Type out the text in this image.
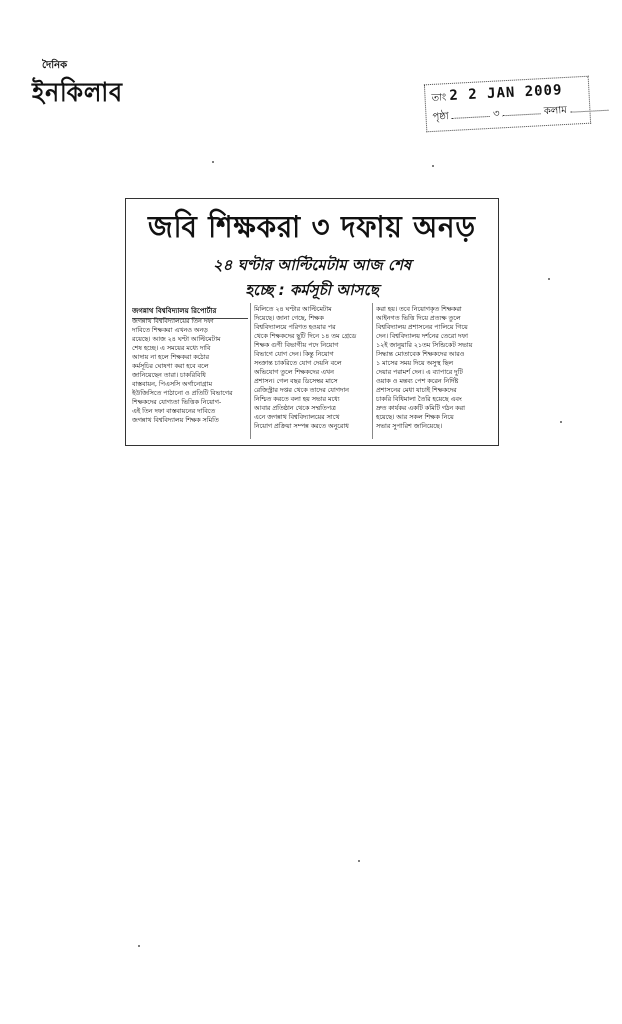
দৈনিক
ইনকিলাব	তাং 2 2 JAN 2009
পৃষ্ঠা	৩	কলাম
জবি শিক্ষকরা ৩ দফায় অনড়
২৪ ঘণ্টার আল্টিমেটাম আজ শেষ
হচ্ছে : কর্মসূচী আসছে
জগন্নাথ বিশ্ববিদ্যালয় রিপোর্টার
জগন্নাথ বিশ্ববিদ্যালয়ের তিন দফা
দাবিতে শিক্ষকরা এখনও অনড়
রয়েছে। আজ ২৪ ঘণ্টা আল্টিমেটাম
শেষ হচ্ছে। এ সময়ের মধ্যে দাবি
আদায় না হলে শিক্ষকরা কঠোর
কর্মসূচির ঘোষণা করা হবে বলে
জানিয়েছেন তারা। চাকরিবিধি
বাস্তবায়ন, পিএসসি অর্গানোগ্রাম
ইউজিসিতে পাঠানো ও প্রতিটি বিভাগের
শিক্ষকদের যোগ্যতা ভিত্তিক নিয়োগ-
এই তিন দফা বাস্তবায়নের দাবিতে
জগন্নাথ বিশ্ববিদ্যালয় শিক্ষক সমিতি
মিলিতে ২৪ ঘণ্টার আল্টিমেটাম
দিয়েছে। জানা গেছে, শিক্ষক
বিশ্ববিদ্যালয়ে পরিণত হওয়ার পর
থেকে শিক্ষকদের ছুটি দিনে ১৪ তম গ্রেডে
শিক্ষক গুণী বিভাগীয় পদে নিয়োগ
বিভাগে যোগ দেন। কিন্তু নিয়োগ
সংক্রান্ত চাকরিতে যোগ দেয়নি বলে
অভিযোগ তুলে শিক্ষকদের এখন
প্রশাসন। গেল বছর ডিসেম্বর মাসে
রেজিস্ট্রার দপ্তর থেকে তাদের যোগদান
নিশ্চিত করতে বলা হয় সভার মধ্যে
আবার প্রতিষ্ঠান থেকে সম্মতিপত্র
এনে জগন্নাথ বিশ্ববিদ্যালয়ের সাথে
নিয়োগ প্রক্রিয়া সম্পন্ন করতে অনুরোধ
করা হয়। তবে নিয়োগকৃত শিক্ষকরা
আইনগত ভিত্তি দিয়ে প্রত্যক্ষ তুলে
বিশ্ববিদ্যালয় প্রশাসনের পালিয়ে গিয়ে
দেন। বিশ্ববিদ্যালয় দর্শনের তেরো দফা
১২ই জানুয়ারি ২১তম সিন্ডিকেট সভায়
সিদ্ধান্ত মোতাবেক শিক্ষকদের আরও
১ মাসের সময় দিয়ে অসুস্থ ছিল
দেয়ার পরামর্শ দেন। এ ব্যাপারে দুটি
ওয়াক ও মন্তব্য পেশ করেন নির্দিষ্ট
প্রশাসনের মেধা যাচাই শিক্ষকদের
চাকরি বিধিমালা তৈরি হয়েছে এবং
দ্রুত কার্যকর একটি কমিটি গঠন করা
হয়েছে। আর সকল শিক্ষক নিয়ে
সভার সুপারিশ জানিয়েছে।
